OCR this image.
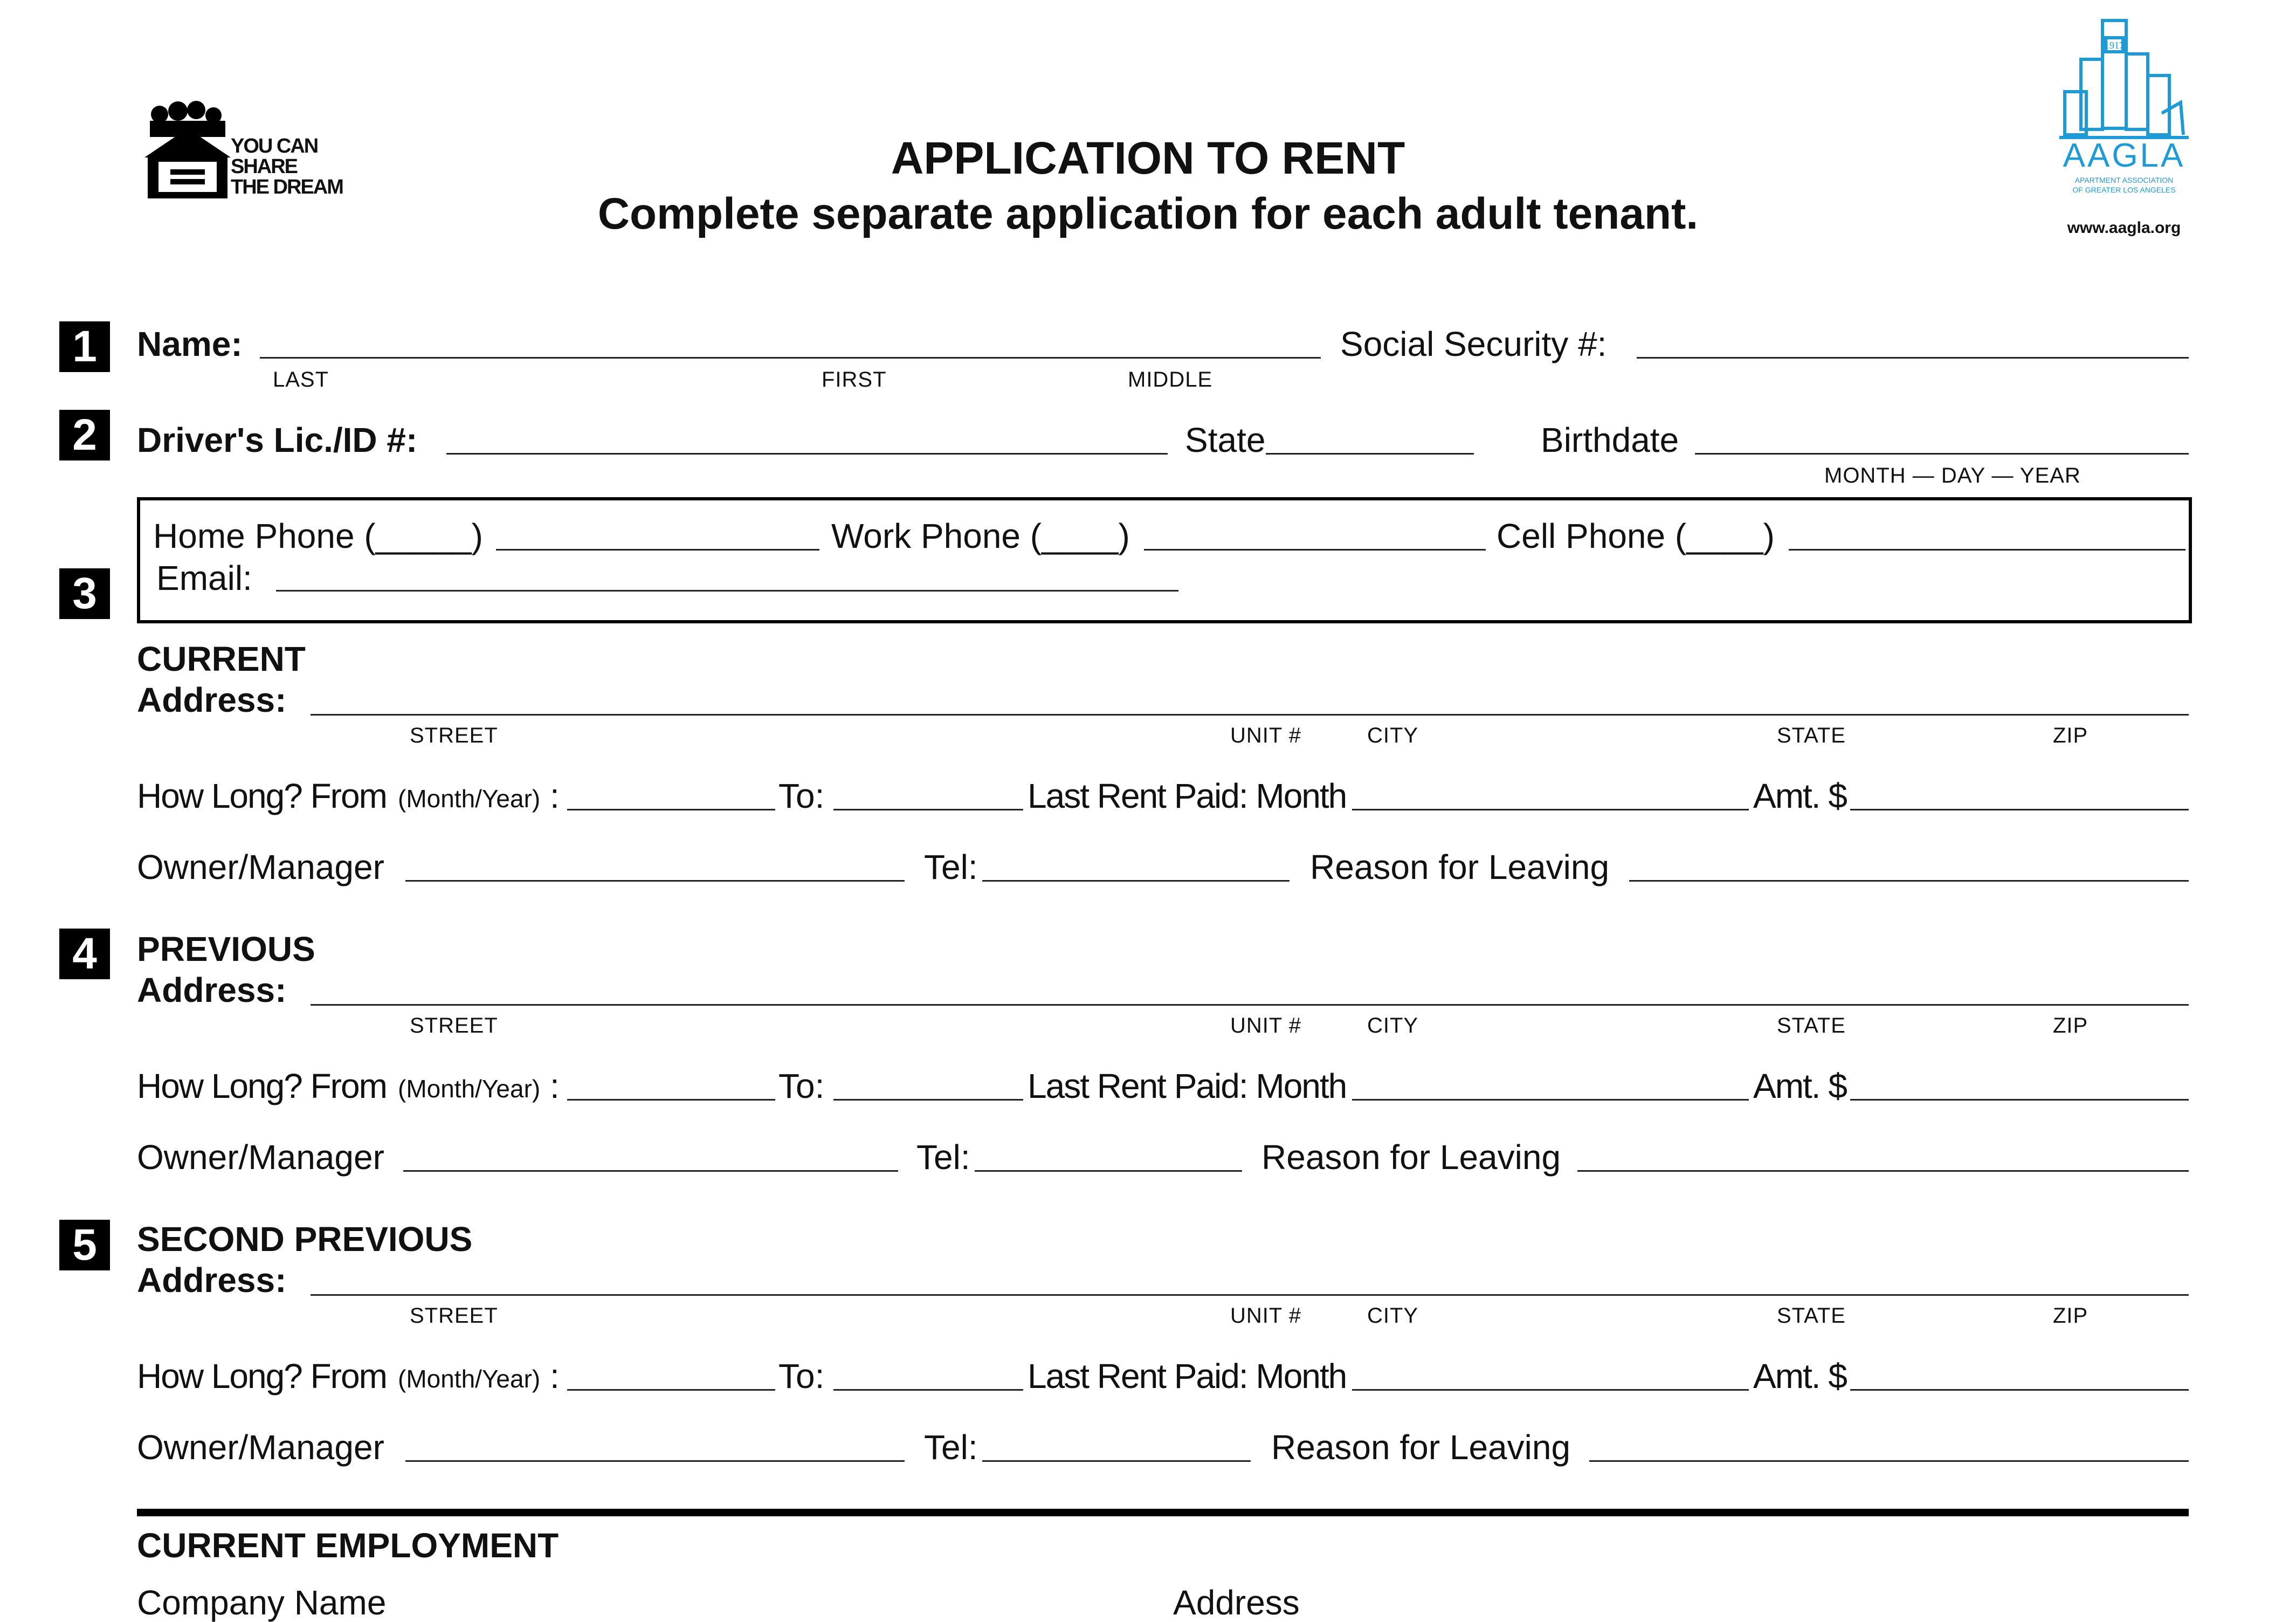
YOU CAN
SHARE
THE DREAM
APPLICATION TO RENT
Complete separate application for each adult tenant.
1917
AAGLA
APARTMENT ASSOCIATION
OF GREATER LOS ANGELES
www.aagla.org
1	Name:
LAST	FIRST	MIDDLE
Social Security #:
2	Driver's Lic./ID #:	State	Birthdate
MONTH — DAY — YEAR
3
Home Phone (_____)	Work Phone (____)	Cell Phone (____)
Email:
CURRENT
Address:
STREET	UNIT #	CITY	STATE	ZIP
How Long? From (Month/Year) :	To:	Last Rent Paid: Month	Amt. $
Owner/Manager	Tel:	Reason for Leaving
4	PREVIOUS
Address:
STREET	UNIT #	CITY	STATE	ZIP
How Long? From (Month/Year) :	To:	Last Rent Paid: Month	Amt. $
Owner/Manager	Tel:	Reason for Leaving
5	SECOND PREVIOUS
Address:
STREET	UNIT #	CITY	STATE	ZIP
How Long? From (Month/Year) :	To:	Last Rent Paid: Month	Amt. $
Owner/Manager	Tel:	Reason for Leaving
CURRENT EMPLOYMENT
Company Name	Address
